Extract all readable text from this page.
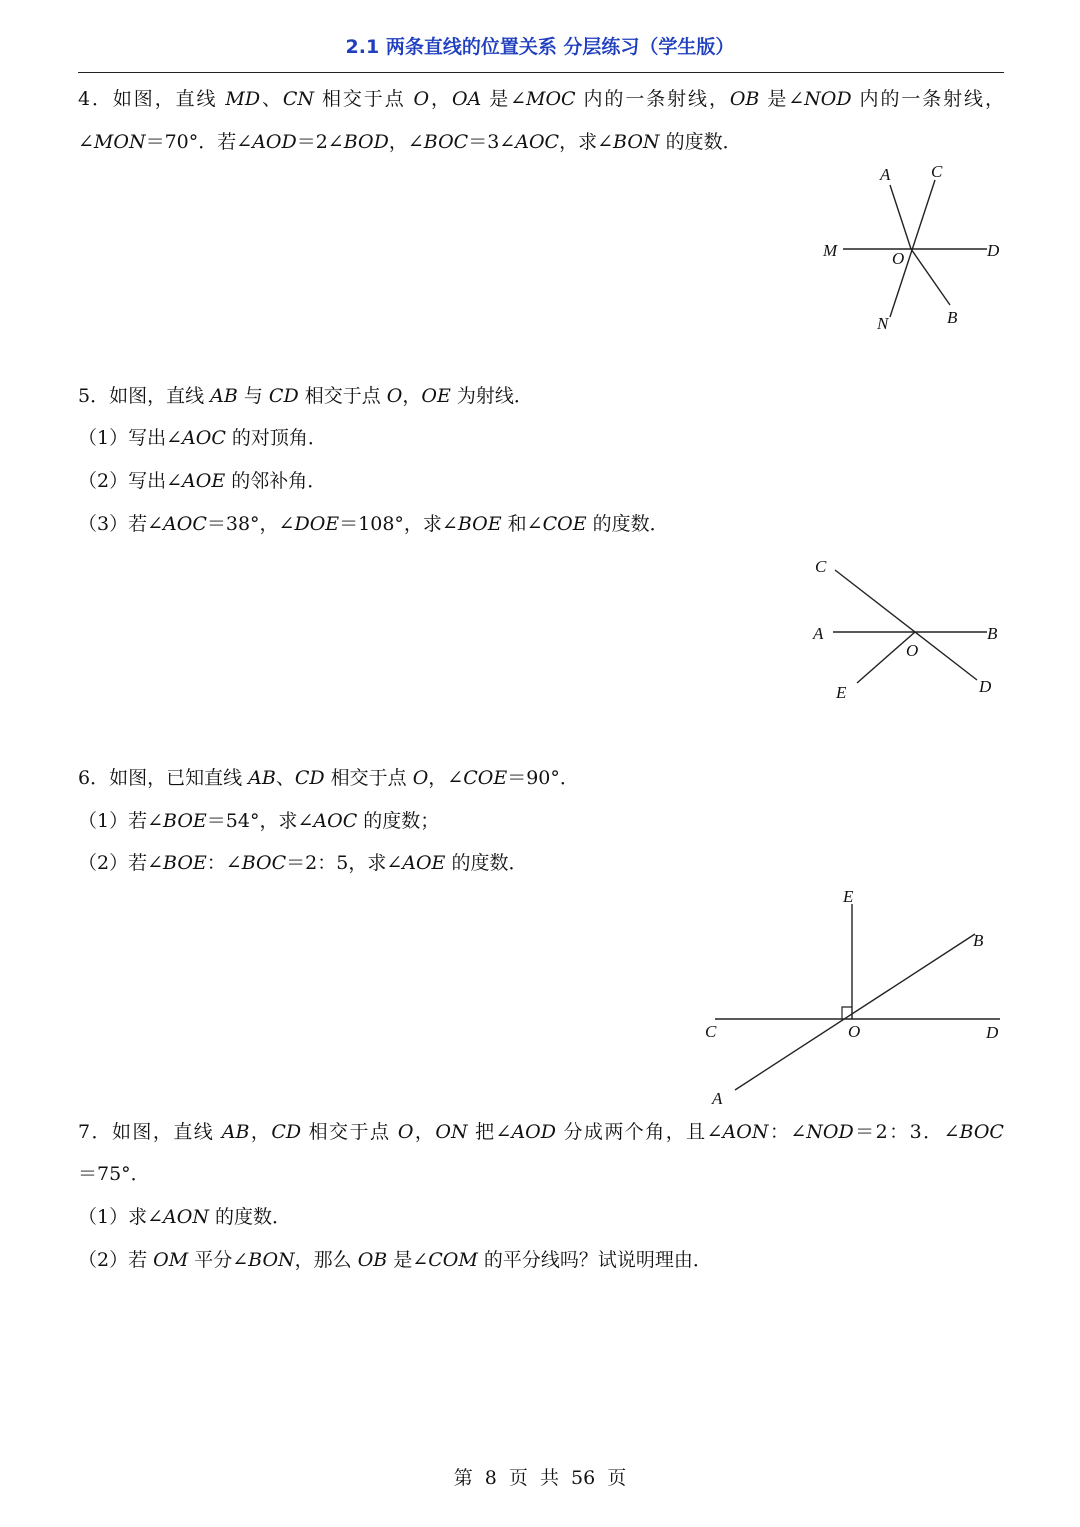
2.1 两条直线的位置关系 分层练习（学生版）
4．如图，直线 MD、CN 相交于点 O，OA 是∠MOC 内的一条射线，OB 是∠NOD 内的一条射线，
∠MON＝70°．若∠AOD＝2∠BOD，∠BOC＝3∠AOC，求∠BON 的度数．
A C
M	O	D
N	B
5．如图，直线 AB 与 CD 相交于点 O，OE 为射线．
（1）写出∠AOC 的对顶角．
（2）写出∠AOE 的邻补角．
（3）若∠AOC＝38°，∠DOE＝108°，求∠BOE 和∠COE 的度数．
C
A	B
O
E	D
6．如图，已知直线 AB、CD 相交于点 O，∠COE＝90°．
（1）若∠BOE＝54°，求∠AOC 的度数；
（2）若∠BOE：∠BOC＝2：5，求∠AOE 的度数．
E
B
C	O	D
A
7．如图，直线 AB，CD 相交于点 O，ON 把∠AOD 分成两个角，且∠AON：∠NOD＝2：3．∠BOC
＝75°．
（1）求∠AON 的度数．
（2）若 OM 平分∠BON，那么 OB 是∠COM 的平分线吗？试说明理由．
第 8 页 共 56 页
